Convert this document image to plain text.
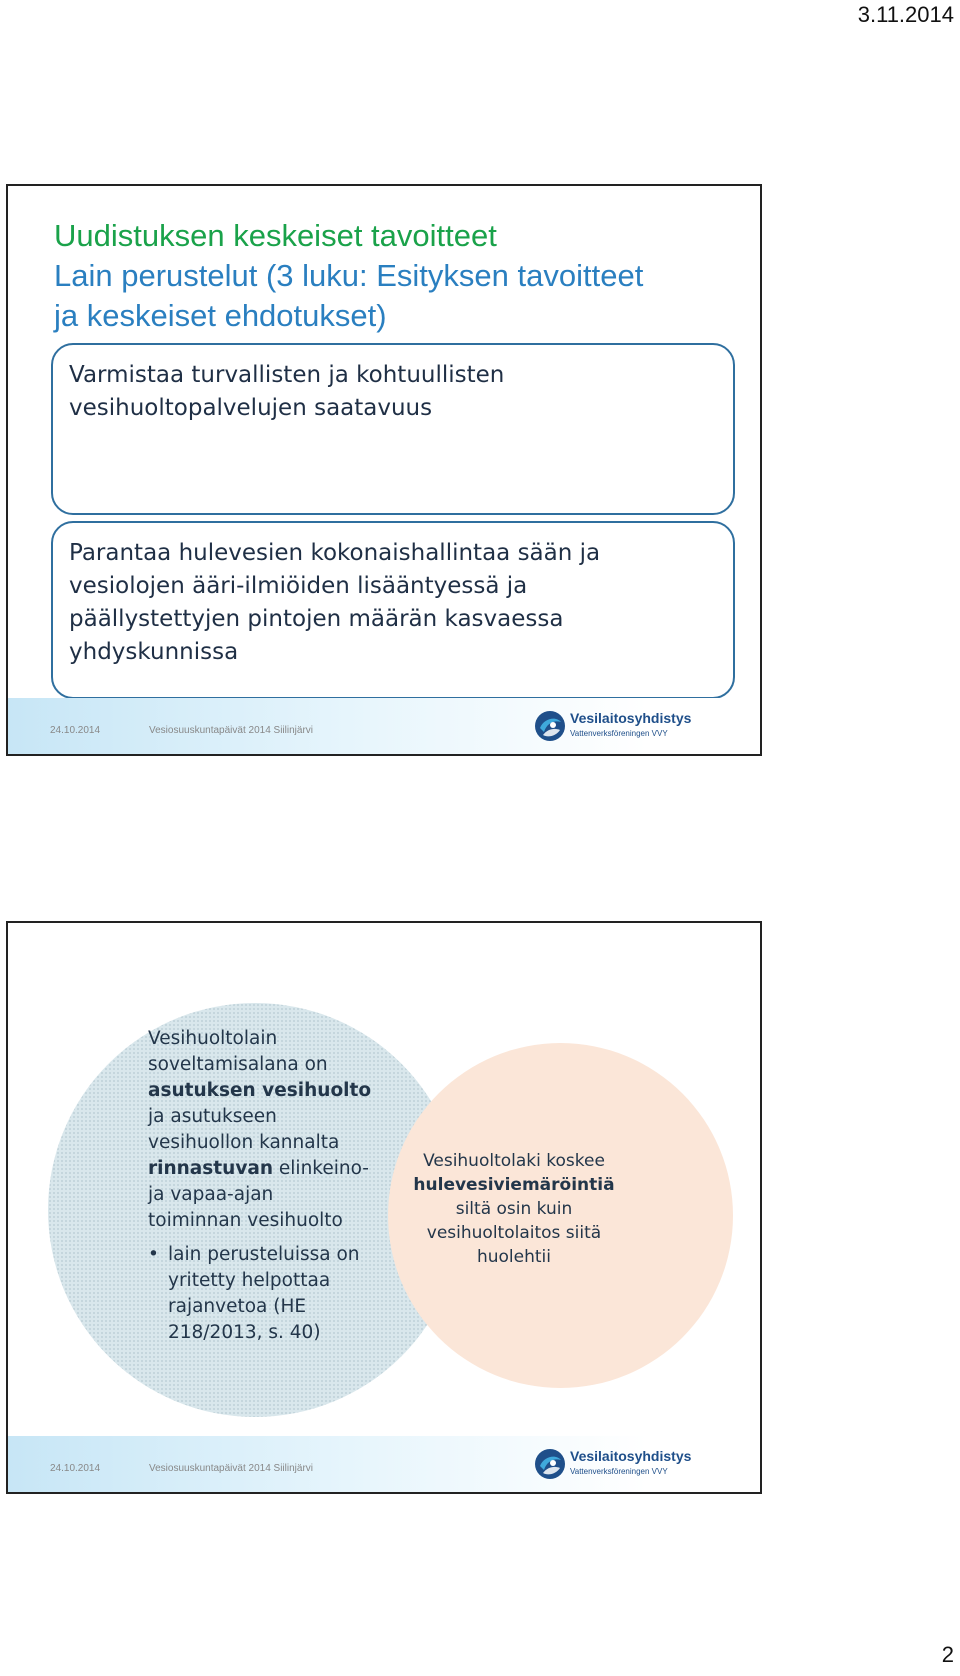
3.11.2014
Uudistuksen keskeiset tavoitteet
Lain perustelut (3 luku: Esityksen tavoitteet
ja keskeiset ehdotukset)
Varmistaa turvallisten ja kohtuullisten
vesihuoltopalvelujen saatavuus
Parantaa hulevesien kokonaishallintaa sään ja
vesiolojen ääri-ilmiöiden lisääntyessä ja
päällystettyjen pintojen määrän kasvaessa
yhdyskunnissa
24.10.2014	Vesiosuuskuntapäivät 2014 Siilinjärvi
Vesilaitosyhdistys
Vattenverksföreningen VVY
Vesihuoltolain
soveltamisalana on
asutuksen vesihuolto
ja asutukseen
vesihuollon kannalta
rinnastuvan elinkeino-
ja vapaa-ajan
toiminnan vesihuolto
• lain perusteluissa on
yritetty helpottaa
rajanvetoa (HE
218/2013, s. 40)
Vesihuoltolaki koskee
hulevesiviemäröintiä
siltä osin kuin
vesihuoltolaitos siitä
huolehtii
24.10.2014	Vesiosuuskuntapäivät 2014 Siilinjärvi
Vesilaitosyhdistys
Vattenverksföreningen VVY
2
